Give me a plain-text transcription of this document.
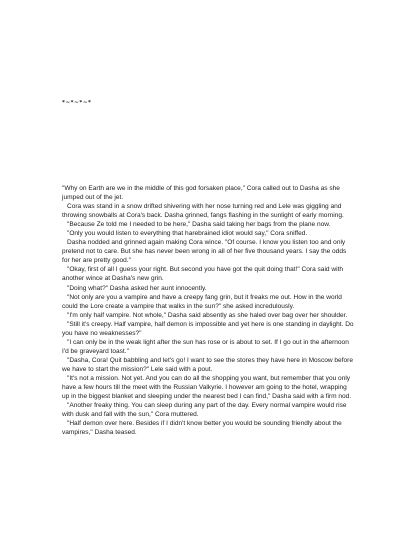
*~*~*~*

"Why on Earth are we in the middle of this god forsaken place," Cora called out to Dasha as she jumped out of the jet.

Cora was stand in a snow drifted shivering with her nose turning red and Lele was giggling and throwing snowballs at Cora's back. Dasha grinned, fangs flashing in the sunlight of early morning.

"Because Ze told me I needed to be here," Dasha said taking her bags from the plane now.

"Only you would listen to everything that harebrained idiot would say," Cora sniffed.

Dasha nodded and grinned again making Cora wince. "Of course. I know you listen too and only pretend not to care. But she has never been wrong in all of her five thousand years. I say the odds for her are pretty good."

"Okay, first of all I guess your right. But second you have got the quit doing that!" Cora said with another wince at Dasha's new grin.

"Doing what?" Dasha asked her aunt innocently.

"Not only are you a vampire and have a creepy fang grin, but it freaks me out. How in the world could the Lore create a vampire that walks in the sun?" she asked incredulously.

"I'm only half vampire. Not whole," Dasha said absently as she haled over bag over her shoulder.

"Still it's creepy. Half vampire, half demon is impossible and yet here is one standing in daylight. Do you have no weaknesses?"

"I can only be in the weak light after the sun has rose or is about to set. If I go out in the afternoon I'd be graveyard toast."

"Dasha, Cora! Quit babbling and let's go! I want to see the stores they have here in Moscow before we have to start the mission?" Lele said with a pout.

"It's not a mission. Not yet. And you can do all the shopping you want, but remember that you only have a few hours till the meet with the Russian Valkyrie. I however am going to the hotel, wrapping up in the biggest blanket and sleeping under the nearest bed I can find," Dasha said with a firm nod.

"Another freaky thing. You can sleep during any part of the day. Every normal vampire would rise with dusk and fall with the sun," Cora muttered.

"Half demon over here. Besides if I didn't know better you would be sounding friendly about the vampires," Dasha teased.
